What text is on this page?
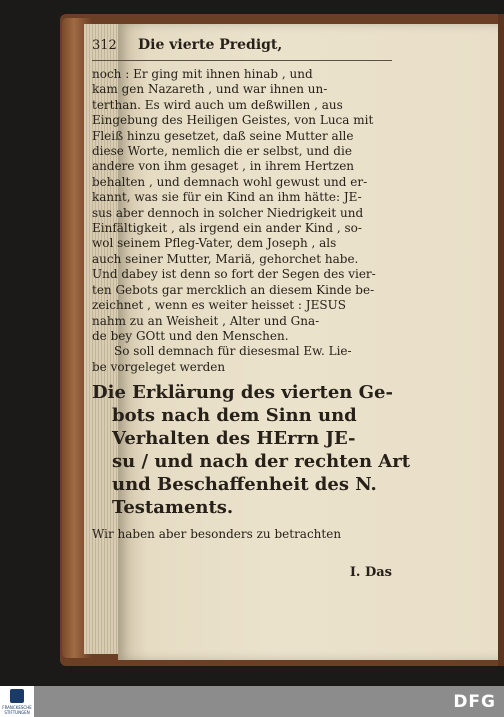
312	Die vierte Predigt,
noch : Er ging mit ihnen hinab , und
kam gen Nazareth , und war ihnen un-
terthan. Es wird auch um deßwillen , aus
Eingebung des Heiligen Geistes, von Luca mit
Fleiß hinzu gesetzet, daß seine Mutter alle
diese Worte, nemlich die er selbst, und die
andere von ihm gesaget , in ihrem Hertzen
behalten , und demnach wohl gewust und er-
kannt, was sie für ein Kind an ihm hätte: JE-
sus aber dennoch in solcher Niedrigkeit und
Einfältigkeit , als irgend ein ander Kind , so-
wol seinem Pfleg-Vater, dem Joseph , als
auch seiner Mutter, Mariä, gehorchet habe.
Und dabey ist denn so fort der Segen des vier-
ten Gebots gar mercklich an diesem Kinde be-
zeichnet , wenn es weiter heisset : JESUS
nahm zu an Weisheit , Alter und Gna-
de bey GOtt und den Menschen.
So soll demnach für diesesmal Ew. Lie-
be vorgeleget werden
Die Erklärung des vierten Ge-
bots nach dem Sinn und
Verhalten des HErrn JE-
su / und nach der rechten Art
und Beschaffenheit des N.
Testaments.
Wir haben aber besonders zu betrachten
I. Das
FRANCKESCHE STIFTUNGEN
DFG
